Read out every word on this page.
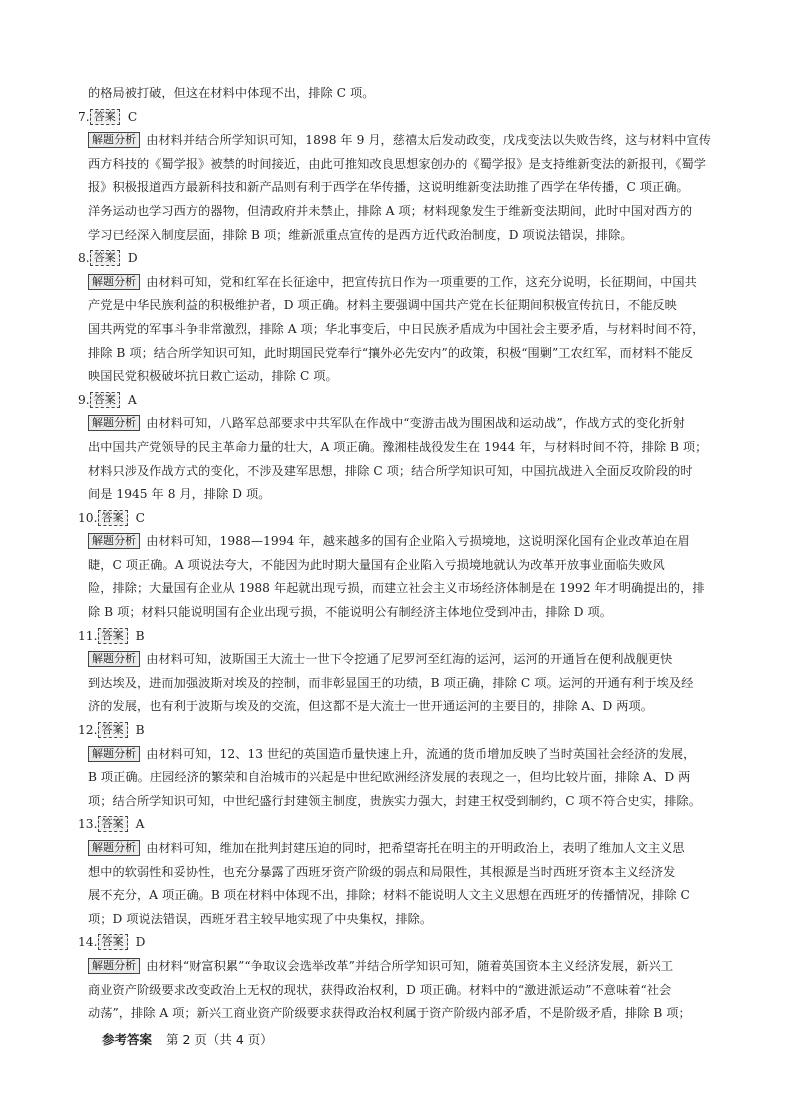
的格局被打破，但这在材料中体现不出，排除 C 项。
7. 答案 C
解题分析 由材料并结合所学知识可知，1898 年 9 月，慈禧太后发动政变，戊戌变法以失败告终，这与材料中宣传
西方科技的《蜀学报》被禁的时间接近，由此可推知改良思想家创办的《蜀学报》是支持维新变法的新报刊，《蜀学
报》积极报道西方最新科技和新产品则有利于西学在华传播，这说明维新变法助推了西学在华传播，C 项正确。
洋务运动也学习西方的器物，但清政府并未禁止，排除 A 项；材料现象发生于维新变法期间，此时中国对西方的
学习已经深入制度层面，排除 B 项；维新派重点宣传的是西方近代政治制度，D 项说法错误，排除。
8. 答案 D
解题分析 由材料可知，党和红军在长征途中，把宣传抗日作为一项重要的工作，这充分说明，长征期间，中国共
产党是中华民族利益的积极维护者，D 项正确。材料主要强调中国共产党在长征期间积极宣传抗日，不能反映
国共两党的军事斗争非常激烈，排除 A 项；华北事变后，中日民族矛盾成为中国社会主要矛盾，与材料时间不符，
排除 B 项；结合所学知识可知，此时期国民党奉行“攘外必先安内”的政策，积极“围剿”工农红军，而材料不能反
映国民党积极破坏抗日救亡运动，排除 C 项。
9. 答案 A
解题分析 由材料可知，八路军总部要求中共军队在作战中“变游击战为围困战和运动战”，作战方式的变化折射
出中国共产党领导的民主革命力量的壮大，A 项正确。豫湘桂战役发生在 1944 年，与材料时间不符，排除 B 项；
材料只涉及作战方式的变化，不涉及建军思想，排除 C 项；结合所学知识可知，中国抗战进入全面反攻阶段的时
间是 1945 年 8 月，排除 D 项。
10. 答案 C
解题分析 由材料可知，1988—1994 年，越来越多的国有企业陷入亏损境地，这说明深化国有企业改革迫在眉
睫，C 项正确。A 项说法夸大，不能因为此时期大量国有企业陷入亏损境地就认为改革开放事业面临失败风
险，排除；大量国有企业从 1988 年起就出现亏损，而建立社会主义市场经济体制是在 1992 年才明确提出的，排
除 B 项；材料只能说明国有企业出现亏损，不能说明公有制经济主体地位受到冲击，排除 D 项。
11. 答案 B
解题分析 由材料可知，波斯国王大流士一世下令挖通了尼罗河至红海的运河，运河的开通旨在便利战舰更快
到达埃及，进而加强波斯对埃及的控制，而非彰显国王的功绩，B 项正确，排除 C 项。运河的开通有利于埃及经
济的发展，也有利于波斯与埃及的交流，但这都不是大流士一世开通运河的主要目的，排除 A、D 两项。
12. 答案 B
解题分析 由材料可知，12、13 世纪的英国造币量快速上升，流通的货币增加反映了当时英国社会经济的发展，
B 项正确。庄园经济的繁荣和自治城市的兴起是中世纪欧洲经济发展的表现之一，但均比较片面，排除 A、D 两
项；结合所学知识可知，中世纪盛行封建领主制度，贵族实力强大，封建王权受到制约，C 项不符合史实，排除。
13. 答案 A
解题分析 由材料可知，维加在批判封建压迫的同时，把希望寄托在明主的开明政治上，表明了维加人文主义思
想中的软弱性和妥协性，也充分暴露了西班牙资产阶级的弱点和局限性，其根源是当时西班牙资本主义经济发
展不充分，A 项正确。B 项在材料中体现不出，排除；材料不能说明人文主义思想在西班牙的传播情况，排除 C
项；D 项说法错误，西班牙君主较早地实现了中央集权，排除。
14. 答案 D
解题分析 由材料“财富积累”“争取议会选举改革”并结合所学知识可知，随着英国资本主义经济发展，新兴工
商业资产阶级要求改变政治上无权的现状，获得政治权利，D 项正确。材料中的“激进派运动”不意味着“社会
动荡”，排除 A 项；新兴工商业资产阶级要求获得政治权利属于资产阶级内部矛盾，不是阶级矛盾，排除 B 项；
参考答案 第 2 页（共 4 页）
